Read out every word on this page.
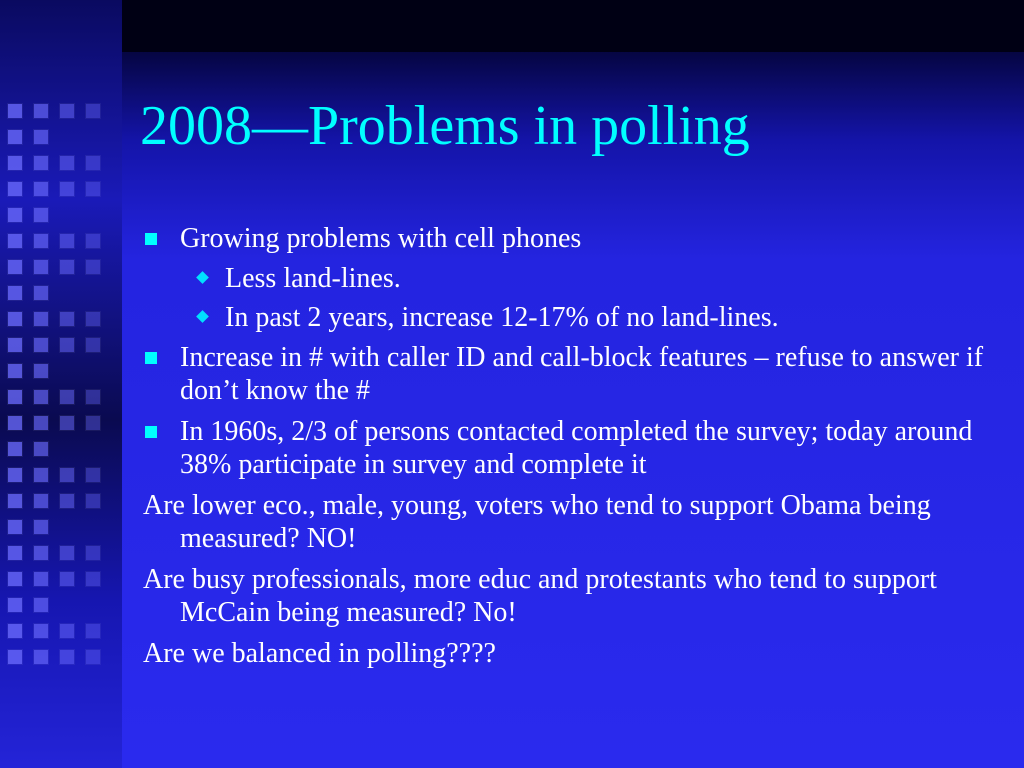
2008—Problems in polling
Growing problems with cell phones
Less land-lines.
In past 2 years, increase 12-17% of no land-lines.
Increase in # with caller ID and call-block features – refuse to answer if don’t know the #
In 1960s, 2/3 of persons contacted completed the survey; today around 38% participate in survey and complete it
Are lower eco., male, young, voters who tend to support Obama being measured? NO!
Are busy professionals, more educ and protestants who tend to support McCain being measured? No!
Are we balanced in polling????
